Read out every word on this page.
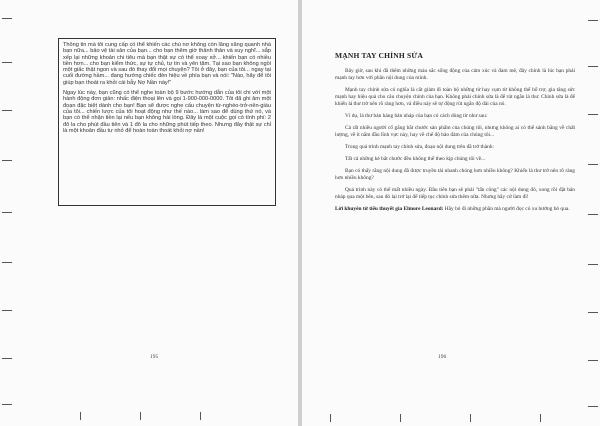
Thông tin mà tôi cung cấp có thể khiến các chú nơ không còn lăng xăng quanh nhà bạn nữa... bảo vệ tài sản của bạn... cho bạn thêm giờ thảnh thản và suy nghĩ... sắp xếp lại những khoản chi tiêu mà bạn thật sự có thể xoay xở... khiến bạn có nhiều tiền hơn... cho bạn kiểm thức, sự tự chủ, tự tin và yên tâm. Tại sao bạn không ngồi một giấc thật ngon và sau đó thay đổi mọi chuyện? Tôi ở đây, bạn của tôi... ngay tại cuối đường hầm... đang hướng chiếc đèn hiệu về phía bạn và nói: "Nào, hãy để tôi giúp bạn thoát ra khỏi cái bẫy Nợ Nần này!"

Ngay lúc này, bạn cũng có thể nghe toàn bộ 9 bước hướng dẫn của tôi chi với một hành động đơn giản: nhấc điện thoại lên và gọi 1-900-000-0000. Tôi đã ghi âm một đoạn đặc biệt dành cho bạn! Bạn sẽ được nghe cấu chuyện từ-nghèo-trở-nên-giàu của tôi... chiến lược của tôi hoạt động như thế nào... làm sao để dùng thứ nó, và bạn có thể nhận tiền lại nếu bạn không hài lòng. Đây là một cuộc gọi có tính phí: 2 đô la cho phút đầu tiên và 1 đô la cho những phút tiếp theo. Nhưng đây thật sự chỉ là một khoản đầu tư nhỏ để hoàn toàn thoát khỏi nợ nần!

195
MẠNH TAY CHỈNH SỬA

Bây giờ, sau khi đã thêm những màu sắc sống động của cảm xúc và đam mê, đây chính là lúc bạn phải mạnh tay hơn với phần nội dung của mình.

Mạnh tay chỉnh sửa có nghĩa là cắt giảm đi toàn bộ những từ hay cụm từ không thể bổ trợ, gia tăng sức mạnh hay hiệu quả cho câu chuyện chính của bạn. Không phải chính sửa là để rút ngắn lá thư. Chính sửa là để khiến lá thư trở nên rõ ràng hơn, và điều này sẽ tự động rút ngắn độ dài của nó.

Ví dụ, lá thư bản hàng bản nháp của bạn có cách dùng từ như sau:

Cả rất nhiều người cố gắng bắt chước sản phẩm của chúng tôi, nhưng không ai có thể sánh bằng về chất lượng, về ít nằm đầu lĩnh vực này, hay về chế độ bảo đảm của chúng tôi...

Trong quá trình mạnh tay chỉnh sửa, đoạn nội dung trên đã trở thành:

Tất cả những kẻ bắt chước đều không thể theo kịp chúng tôi về...

Bạn có thấy rằng nội dung đã được truyền tải nhanh chóng hơn nhiều không? Khiến lá thư trở nên rõ ràng hơn nhiều không?

Quá trình này có thể mất nhiều ngày. Đầu tiên bạn sẽ phải "tấn công" các nội dung đó, xong rồi đặt bản nháp qua một bên, sau đó lại trở lại để tiếp tục chỉnh sửa thêm nữa. Nhưng hãy cứ làm đi!

Lời khuyên từ tiểu thuyết gia Elmore Leonard: Hãy bỏ đi những phần mà người đọc có xu hướng bỏ qua.

196
